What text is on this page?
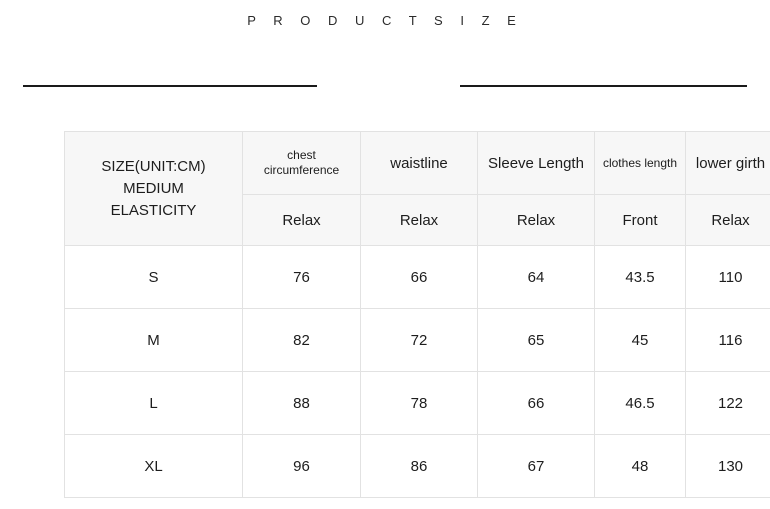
P R O D U C T S I Z E
SIZE(UNIT:CM)
MEDIUM
ELASTICITY	chest circumference	waistline	Sleeve Length	clothes length	lower girth
	Relax	Relax	Relax	Front	Relax
S	76	66	64	43.5	110
M	82	72	65	45	116
L	88	78	66	46.5	122
XL	96	86	67	48	130
